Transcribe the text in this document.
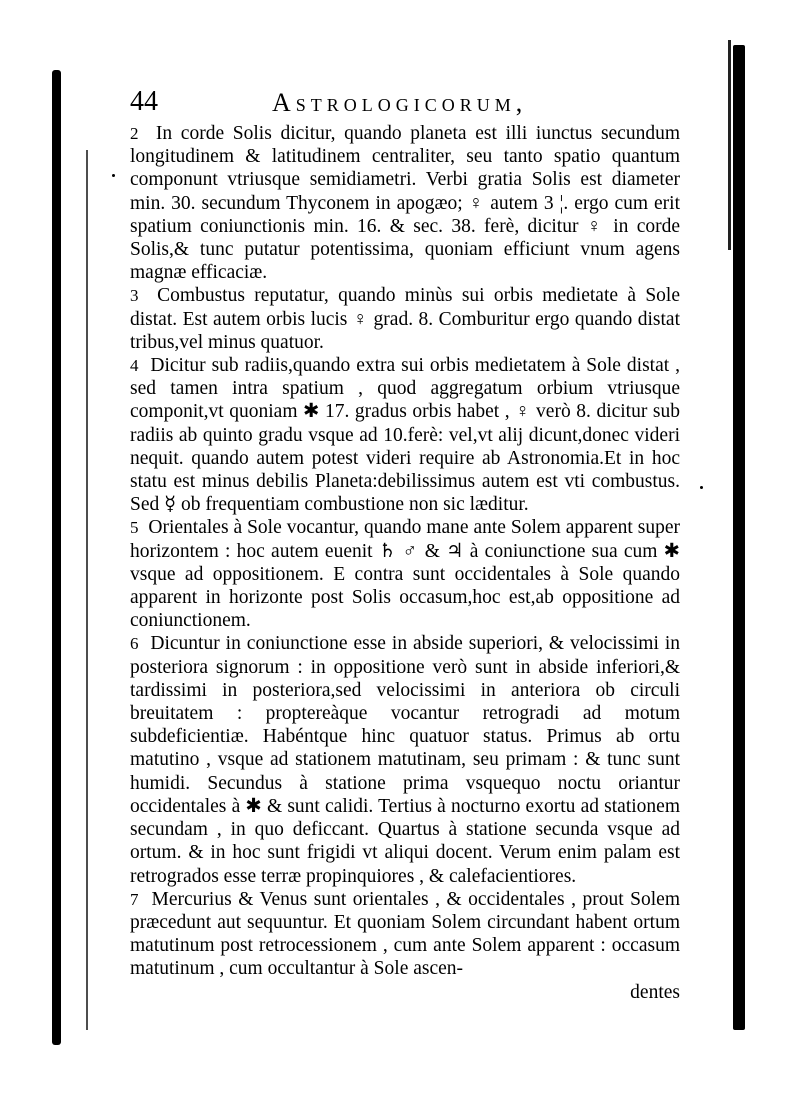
44	Astrologicorum,

2 In corde Solis dicitur, quando planeta est illi iunctus secundum longitudinem & latitudinem centraliter, seu tanto spatio quantum componunt vtriusque semidiametri. Verbi gratia Solis est diameter min. 30. secundum Thyconem in apogæo; ♀ autem 3 ¦. ergo cum erit spatium coniunctionis min. 16. & sec. 38. ferè, dicitur ♀ in corde Solis,& tunc putatur potentissima, quoniam efficiunt vnum agens magnæ efficaciæ.

3 Combustus reputatur, quando minùs sui orbis medietate à Sole distat. Est autem orbis lucis ♀ grad. 8. Comburitur ergo quando distat tribus,vel minus quatuor.

4 Dicitur sub radiis,quando extra sui orbis medietatem à Sole distat , sed tamen intra spatium , quod aggregatum orbium vtriusque componit,vt quoniam ✱ 17. gradus orbis habet , ♀ verò 8. dicitur sub radiis ab quinto gradu vsque ad 10.ferè: vel,vt alij dicunt,donec videri nequit. quando autem potest videri require ab Astronomia.Et in hoc statu est minus debilis Planeta:debilissimus autem est vti combustus. Sed ☿ ob frequentiam combustione non sic læditur.

5 Orientales à Sole vocantur, quando mane ante Solem apparent super horizontem : hoc autem euenit ♄ ♂ & ♃ à coniunctione sua cum ✱ vsque ad oppositionem. E contra sunt occidentales à Sole quando apparent in horizonte post Solis occasum,hoc est,ab oppositione ad coniunctionem.

6 Dicuntur in coniunctione esse in abside superiori, & velocissimi in posteriora signorum : in oppositione verò sunt in abside inferiori,& tardissimi in posteriora,sed velocissimi in anteriora ob circuli breuitatem : proptereàque vocantur retrogradi ad motum subdeficientiæ. Habéntque hinc quatuor status. Primus ab ortu matutino , vsque ad stationem matutinam, seu primam : & tunc sunt humidi. Secundus à statione prima vsquequo noctu oriantur occidentales à ✱ & sunt calidi. Tertius à nocturno exortu ad stationem secundam , in quo deficcant. Quartus à statione secunda vsque ad ortum. & in hoc sunt frigidi vt aliqui docent. Verum enim palam est retrogrados esse terræ propinquiores , & calefacientiores.

7 Mercurius & Venus sunt orientales , & occidentales , prout Solem præcedunt aut sequuntur. Et quoniam Solem circundant habent ortum matutinum post retrocessionem , cum ante Solem apparent : occasum matutinum , cum occultantur à Sole ascen-

dentes
